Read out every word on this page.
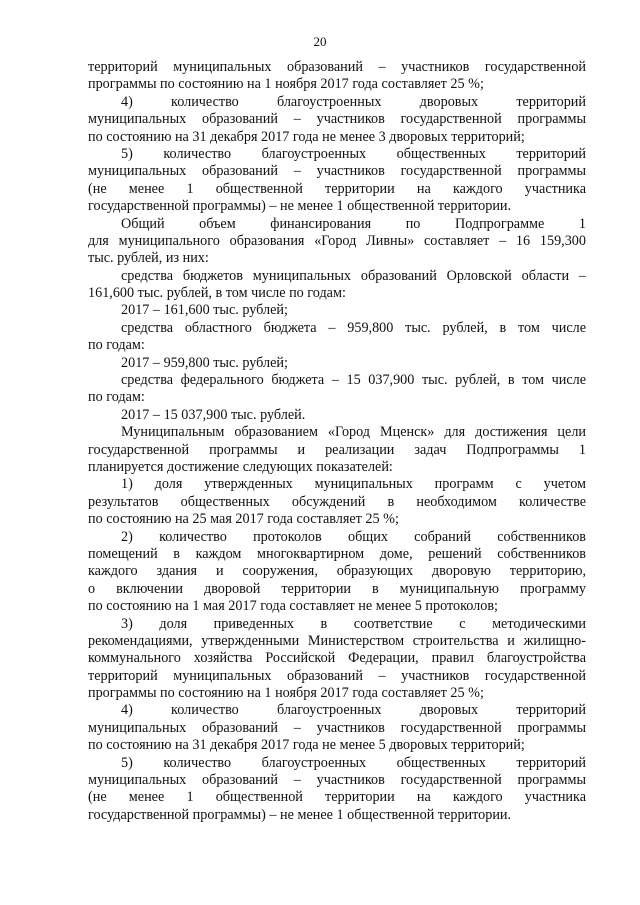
20
территорий муниципальных образований – участников государственной
программы по состоянию на 1 ноября 2017 года составляет 25 %;
4) количество благоустроенных дворовых территорий
муниципальных образований – участников государственной программы
по состоянию на 31 декабря 2017 года не менее 3 дворовых территорий;
5) количество благоустроенных общественных территорий
муниципальных образований – участников государственной программы
(не менее 1 общественной территории на каждого участника
государственной программы) – не менее 1 общественной территории.
Общий объем финансирования по Подпрограмме 1
для муниципального образования «Город Ливны» составляет – 16 159,300
тыс. рублей, из них:
средства бюджетов муниципальных образований Орловской области –
161,600 тыс. рублей, в том числе по годам:
2017 – 161,600 тыс. рублей;
средства областного бюджета – 959,800 тыс. рублей, в том числе
по годам:
2017 – 959,800 тыс. рублей;
средства федерального бюджета – 15 037,900 тыс. рублей, в том числе
по годам:
2017 – 15 037,900 тыс. рублей.
Муниципальным образованием «Город Мценск» для достижения цели
государственной программы и реализации задач Подпрограммы 1
планируется достижение следующих показателей:
1) доля утвержденных муниципальных программ с учетом
результатов общественных обсуждений в необходимом количестве
по состоянию на 25 мая 2017 года составляет 25 %;
2) количество протоколов общих собраний собственников
помещений в каждом многоквартирном доме, решений собственников
каждого здания и сооружения, образующих дворовую территорию,
о включении дворовой территории в муниципальную программу
по состоянию на 1 мая 2017 года составляет не менее 5 протоколов;
3) доля приведенных в соответствие с методическими
рекомендациями, утвержденными Министерством строительства и жилищно-
коммунального хозяйства Российской Федерации, правил благоустройства
территорий муниципальных образований – участников государственной
программы по состоянию на 1 ноября 2017 года составляет 25 %;
4) количество благоустроенных дворовых территорий
муниципальных образований – участников государственной программы
по состоянию на 31 декабря 2017 года не менее 5 дворовых территорий;
5) количество благоустроенных общественных территорий
муниципальных образований – участников государственной программы
(не менее 1 общественной территории на каждого участника
государственной программы) – не менее 1 общественной территории.
